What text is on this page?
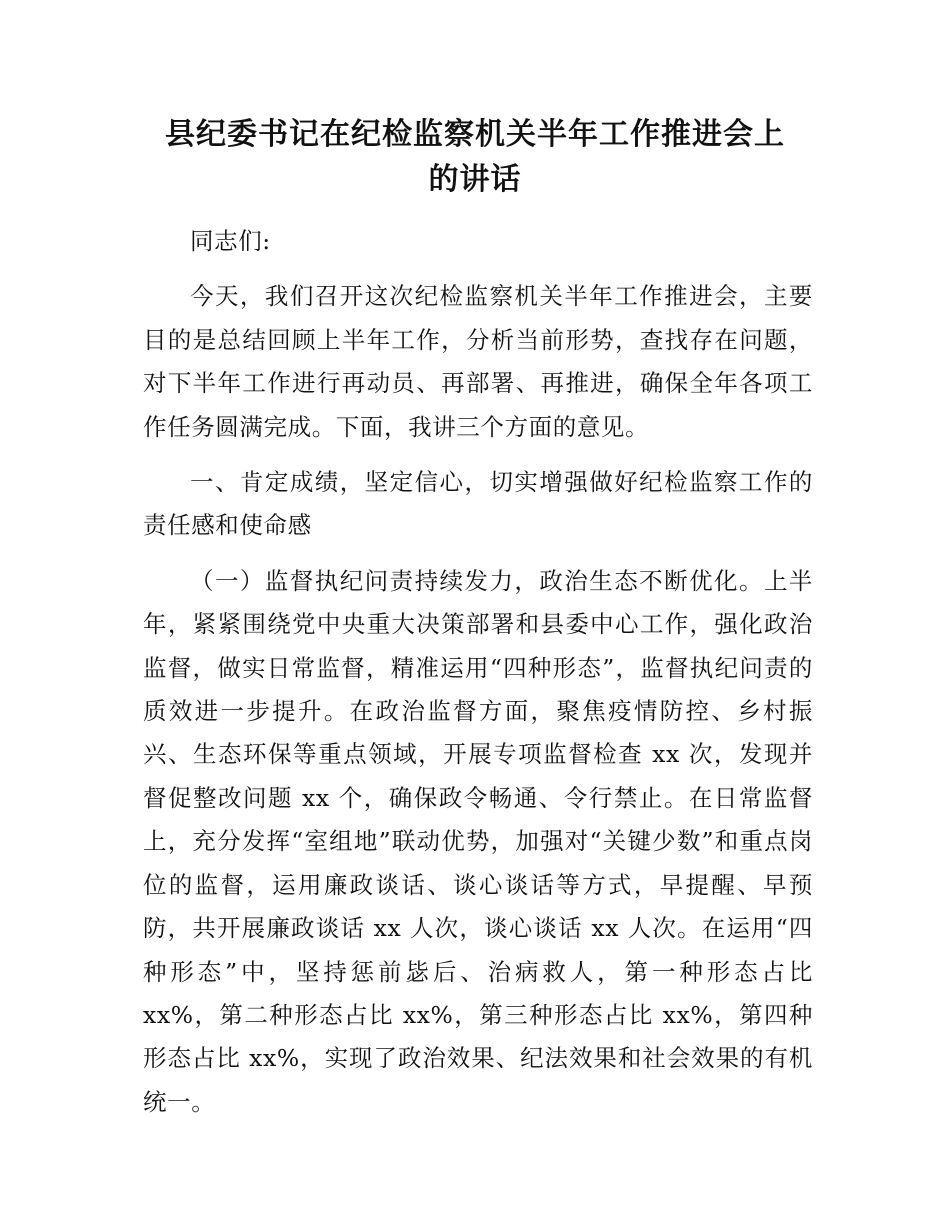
县纪委书记在纪检监察机关半年工作推进会上
的讲话

同志们:

今天，我们召开这次纪检监察机关半年工作推进会，主要目的是总结回顾上半年工作，分析当前形势，查找存在问题，对下半年工作进行再动员、再部署、再推进，确保全年各项工作任务圆满完成。下面，我讲三个方面的意见。

一、肯定成绩，坚定信心，切实增强做好纪检监察工作的责任感和使命感

（一）监督执纪问责持续发力，政治生态不断优化。上半年，紧紧围绕党中央重大决策部署和县委中心工作，强化政治监督，做实日常监督，精准运用“四种形态”，监督执纪问责的质效进一步提升。在政治监督方面，聚焦疫情防控、乡村振兴、生态环保等重点领域，开展专项监督检查 xx 次，发现并督促整改问题 xx 个，确保政令畅通、令行禁止。在日常监督上，充分发挥“室组地”联动优势，加强对“关键少数”和重点岗位的监督，运用廉政谈话、谈心谈话等方式，早提醒、早预防，共开展廉政谈话 xx 人次，谈心谈话 xx 人次。在运用“四种形态”中，坚持惩前毖后、治病救人，第一种形态占比 xx%，第二种形态占比 xx%，第三种形态占比 xx%，第四种形态占比 xx%，实现了政治效果、纪法效果和社会效果的有机统一。
